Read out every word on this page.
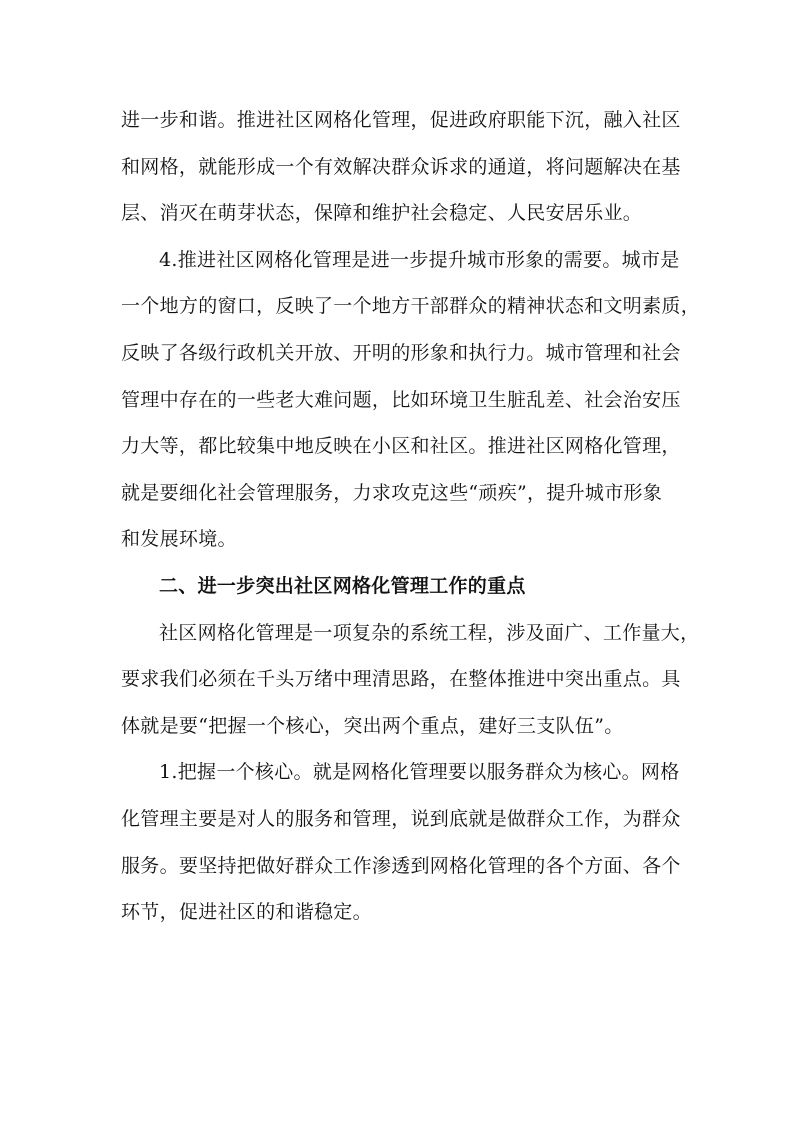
进一步和谐。推进社区网格化管理，促进政府职能下沉，融入社区
和网格，就能形成一个有效解决群众诉求的通道，将问题解决在基
层、消灭在萌芽状态，保障和维护社会稳定、人民安居乐业。
4.推进社区网格化管理是进一步提升城市形象的需要。城市是
一个地方的窗口，反映了一个地方干部群众的精神状态和文明素质，
反映了各级行政机关开放、开明的形象和执行力。城市管理和社会
管理中存在的一些老大难问题，比如环境卫生脏乱差、社会治安压
力大等，都比较集中地反映在小区和社区。推进社区网格化管理，
就是要细化社会管理服务，力求攻克这些“顽疾”，提升城市形象
和发展环境。
二、进一步突出社区网格化管理工作的重点
社区网格化管理是一项复杂的系统工程，涉及面广、工作量大，
要求我们必须在千头万绪中理清思路，在整体推进中突出重点。具
体就是要“把握一个核心，突出两个重点，建好三支队伍”。
1.把握一个核心。就是网格化管理要以服务群众为核心。网格
化管理主要是对人的服务和管理，说到底就是做群众工作，为群众
服务。要坚持把做好群众工作渗透到网格化管理的各个方面、各个
环节，促进社区的和谐稳定。
